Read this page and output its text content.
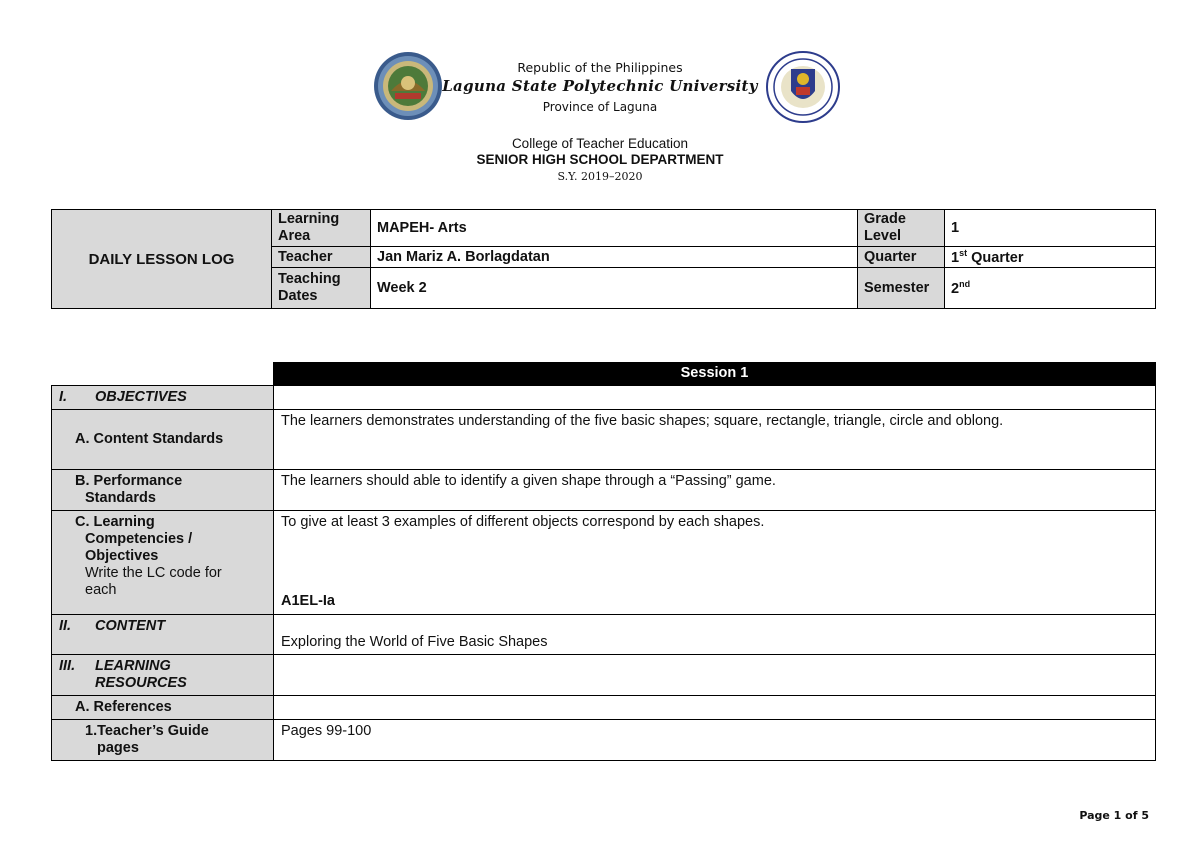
Republic of the Philippines
Laguna State Polytechnic University
Province of Laguna
College of Teacher Education
SENIOR HIGH SCHOOL DEPARTMENT
S.Y. 2019–2020
DAILY LESSON LOG	Learning Area	MAPEH- Arts	Grade Level	1
	Teacher	Jan Mariz A. Borlagdatan	Quarter	1st Quarter
	Teaching Dates	Week 2	Semester	2nd
	Session 1
I. OBJECTIVES	

A. Content Standards	The learners demonstrates understanding of the five basic shapes; square, rectangle, triangle, circle and oblong.

B. Performance
Standards	The learners should able to identify a given shape through a “Passing” game.

C. Learning
Competencies /
Objectives
Write the LC code for
each	To give at least 3 examples of different objects correspond by each shapes.
A1EL-Ia

II. CONTENT	Exploring the World of Five Basic Shapes
III. LEARNING
RESOURCES	

A. References	

1.Teacher’s Guide
pages	Pages 99-100
Page 1 of 5
